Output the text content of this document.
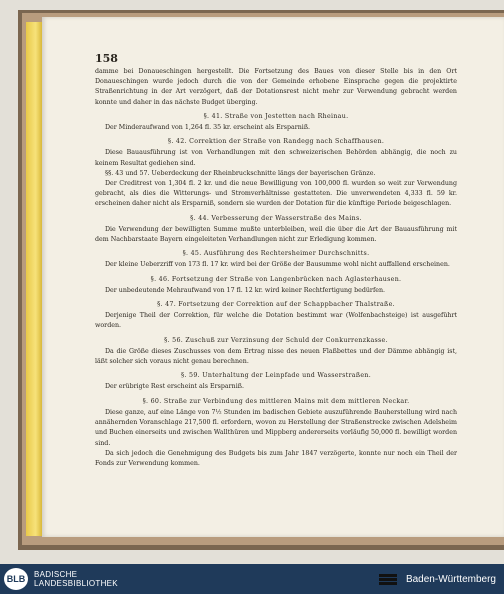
158

damme bei Donaueschingen hergestellt. Die Fortsetzung des Baues von dieser Stelle bis in den Ort Donaueschingen wurde jedoch durch die von der Gemeinde erhobene Einsprache gegen die projektirte Straßenrichtung in der Art verzögert, daß der Dotationsrest nicht mehr zur Verwendung gebracht werden konnte und daher in das nächste Budget überging.

§. 41. Straße von Jestetten nach Rheinau.

Der Minderaufwand von 1,264 fl. 35 kr. erscheint als Ersparniß.

§. 42. Correktion der Straße von Randegg nach Schaffhausen.

Diese Bauausführung ist von Verhandlungen mit den schweizerischen Behörden abhängig, die noch zu keinem Resultat gediehen sind.

§§. 43 und 57. Ueberdeckung der Rheinbruckschnitte längs der bayerischen Gränze.

Der Creditrest von 1,304 fl. 2 kr. und die neue Bewilligung von 100,000 fl. wurden so weit zur Verwendung gebracht, als dies die Witterungs- und Stromverhältnisse gestatteten. Die unverwendeten 4,333 fl. 59 kr. erscheinen daher nicht als Ersparniß, sondern sie wurden der Dotation für die künftige Periode beigeschlagen.

§. 44. Verbesserung der Wasserstraße des Mains.

Die Verwendung der bewilligten Summe mußte unterbleiben, weil die über die Art der Bauausführung mit dem Nachbarstaate Bayern eingeleiteten Verhandlungen nicht zur Erledigung kommen.

§. 45. Ausführung des Rechtersheimer Durchschnitts.

Der kleine Ueberzriff von 173 fl. 17 kr. wird bei der Größe der Bausumme wohl nicht auffallend erscheinen.

§. 46. Fortsetzung der Straße von Langenbrücken nach Aglasterhausen.

Der unbedeutende Mehraufwand von 17 fl. 12 kr. wird keiner Rechtfertigung bedürfen.

§. 47. Fortsetzung der Correktion auf der Schappbacher Thalstraße.

Derjenige Theil der Correktion, für welche die Dotation bestimmt war (Wolfenbachsteige) ist ausgeführt worden.

§. 56. Zuschuß zur Verzinsung der Schuld der Conkurrenzkasse.

Da die Größe dieses Zuschusses von dem Ertrag nisse des neuen Flaßbettes und der Dämme abhängig ist, läßt solcher sich voraus nicht genau berechnen.

§. 59. Unterhaltung der Leinpfade und Wasserstraßen.

Der erübrigte Rest erscheint als Ersparniß.

§. 60. Straße zur Verbindung des mittleren Mains mit dem mittleren Neckar.

Diese ganze, auf eine Länge von 7½ Stunden im badischen Gebiete auszuführende Bauherstellung wird nach annähernden Voranschlage 217,500 fl. erfordern, wovon zu Herstellung der Straßenstrecke zwischen Adelsheim und Buchen einerseits und zwischen Wallthüren und Mippberg andererseits vorläufig 50,000 fl. bewilligt worden sind.

Da sich jedoch die Genehmigung des Budgets bis zum Jahr 1847 verzögerte, konnte nur noch ein Theil der Fonds zur Verwendung kommen.

BLB	BADISCHE
LANDESBIBLIOTHEK	Baden-Württemberg
